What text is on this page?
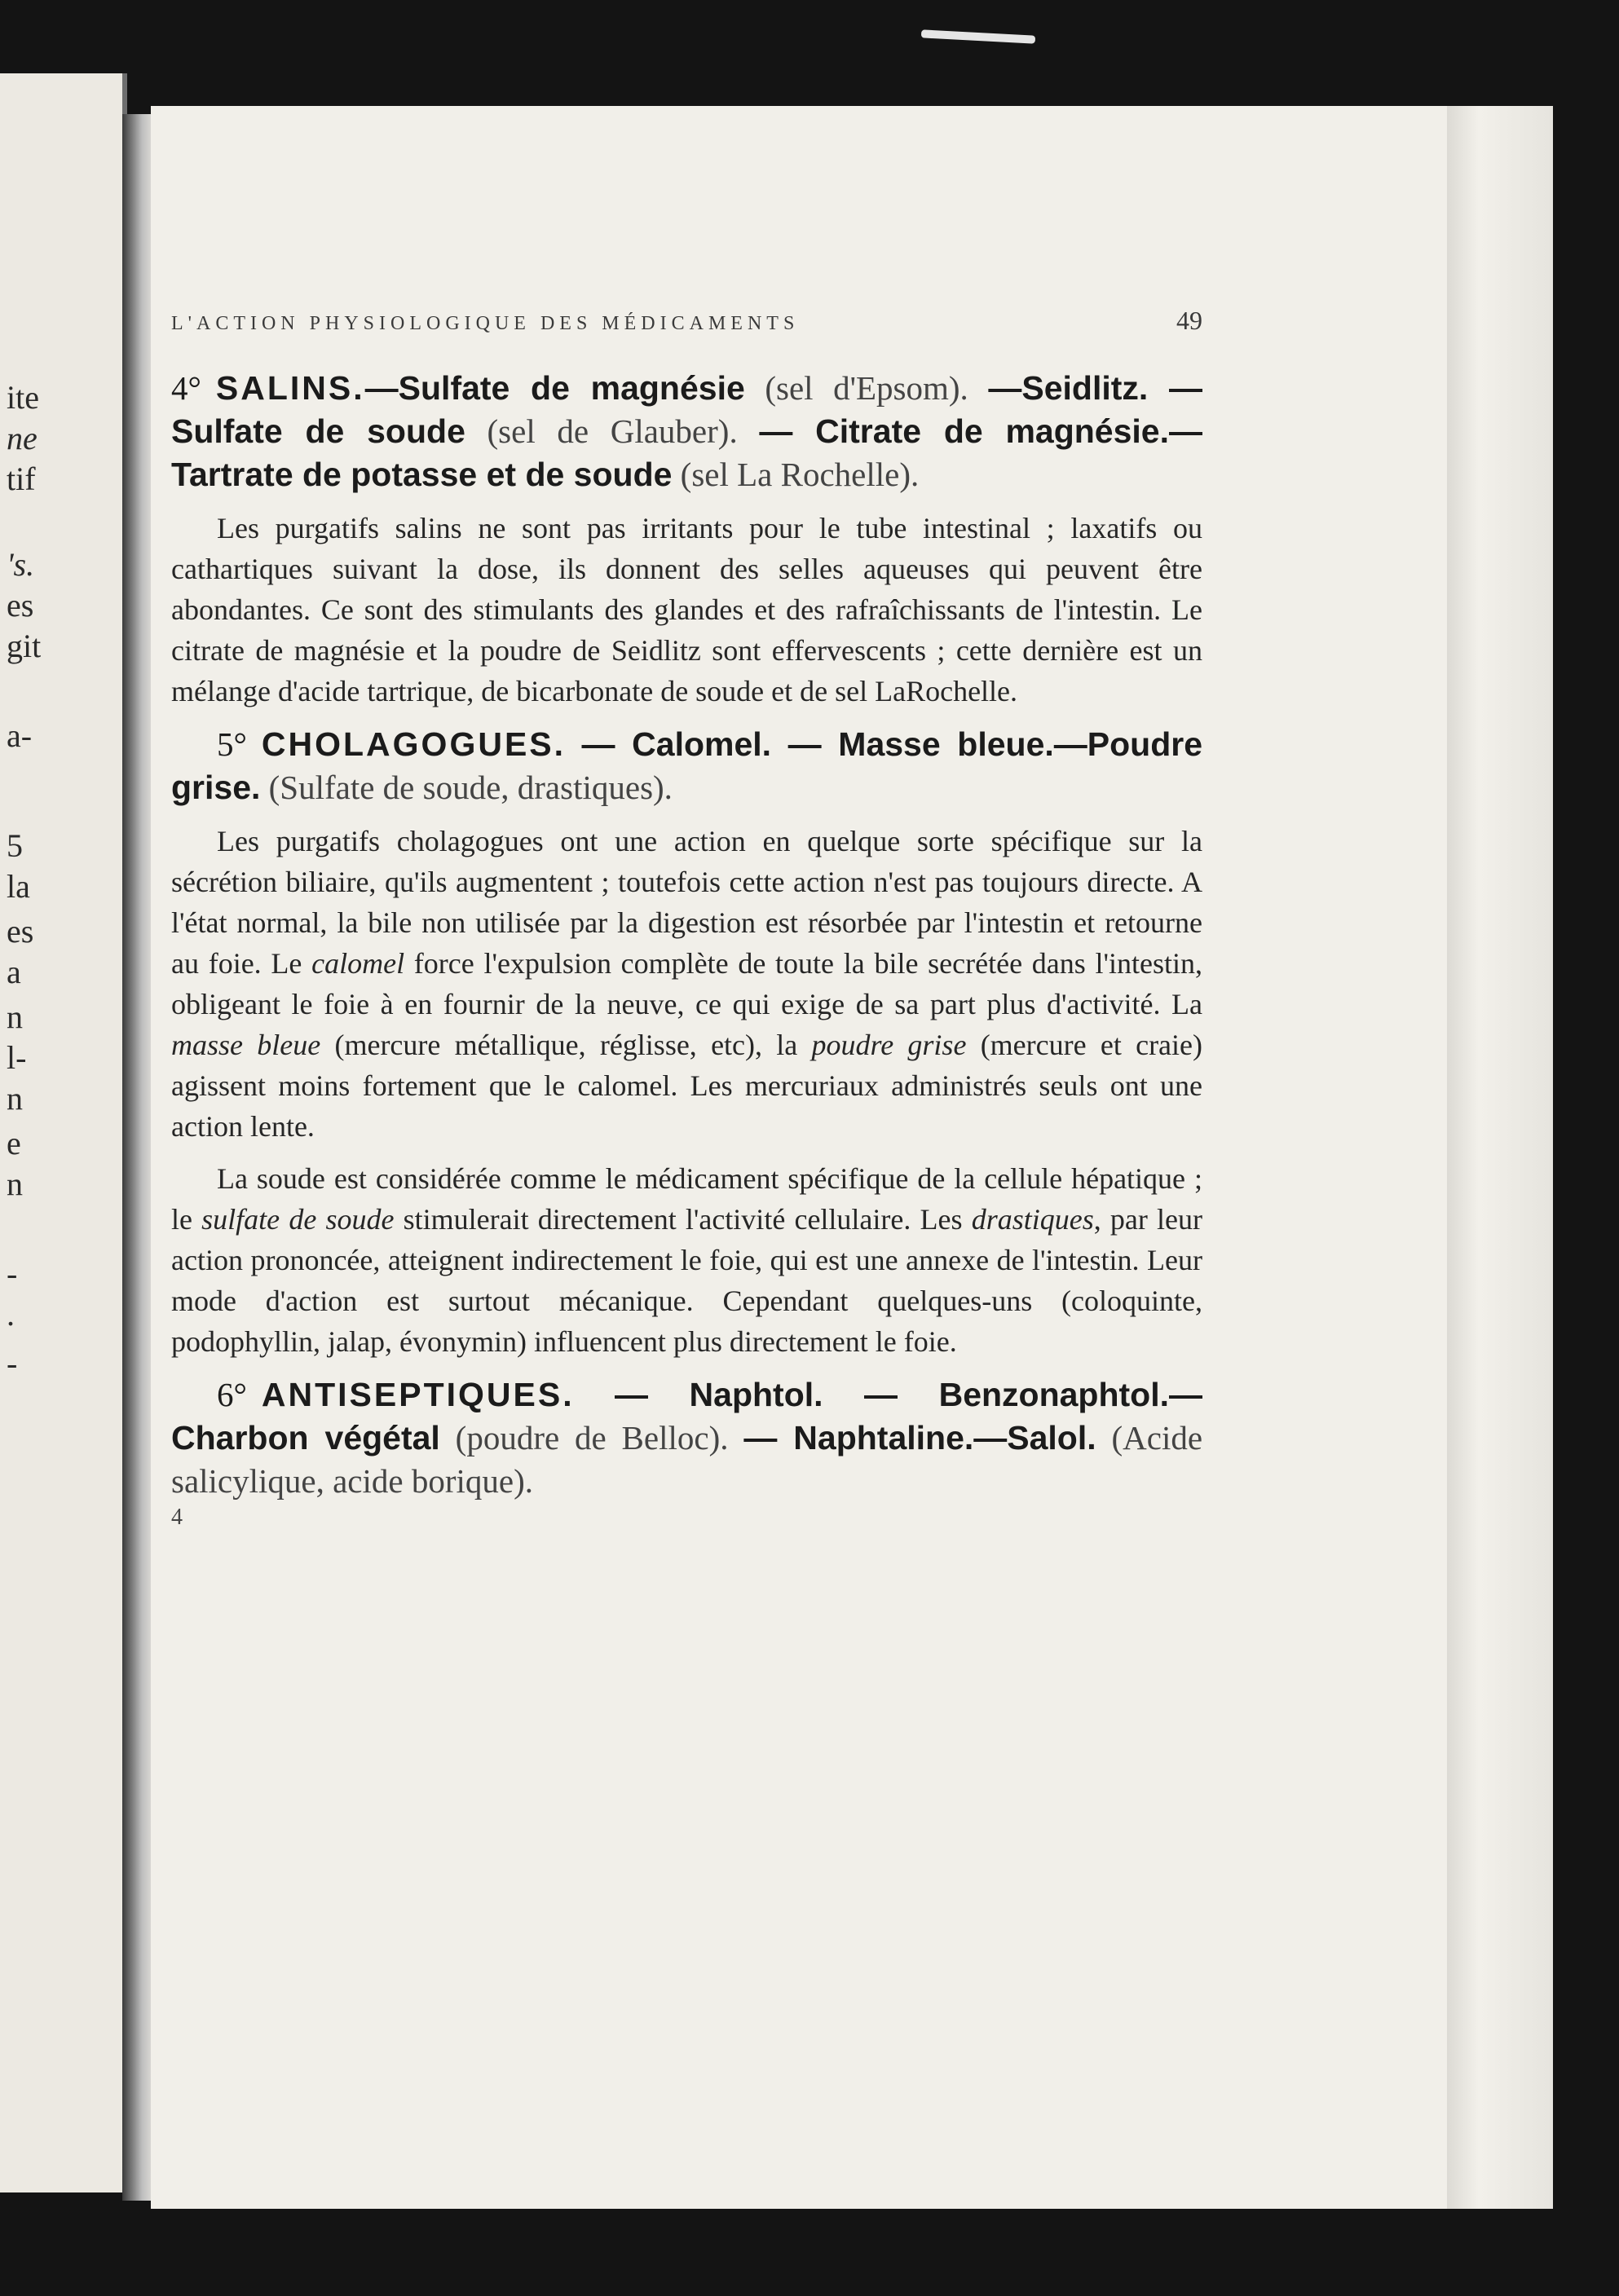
ite
ne
tif
's.
es
git
a-
5
la
es
a
n
l-
n
e
n
-
.
-
L'ACTION PHYSIOLOGIQUE DES MÉDICAMENTS	49

4° SALINS.—Sulfate de magnésie (sel d'Epsom). —Seidlitz. —Sulfate de soude (sel de Glauber). — Citrate de magnésie.—Tartrate de potasse et de soude (sel La Rochelle).

Les purgatifs salins ne sont pas irritants pour le tube intestinal ; laxatifs ou cathartiques suivant la dose, ils donnent des selles aqueuses qui peuvent être abondantes. Ce sont des stimulants des glandes et des rafraîchissants de l'intestin. Le citrate de magnésie et la poudre de Seidlitz sont effervescents ; cette dernière est un mélange d'acide tartrique, de bicarbonate de soude et de sel LaRochelle.

5° CHOLAGOGUES. — Calomel. — Masse bleue.—Poudre grise. (Sulfate de soude, drastiques).

Les purgatifs cholagogues ont une action en quelque sorte spécifique sur la sécrétion biliaire, qu'ils augmentent ; toutefois cette action n'est pas toujours directe. A l'état normal, la bile non utilisée par la digestion est résorbée par l'intestin et retourne au foie. Le calomel force l'expulsion complète de toute la bile secrétée dans l'intestin, obligeant le foie à en fournir de la neuve, ce qui exige de sa part plus d'activité. La masse bleue (mercure métallique, réglisse, etc), la poudre grise (mercure et craie) agissent moins fortement que le calomel. Les mercuriaux administrés seuls ont une action lente.

La soude est considérée comme le médicament spécifique de la cellule hépatique ; le sulfate de soude stimulerait directement l'activité cellulaire. Les drastiques, par leur action prononcée, atteignent indirectement le foie, qui est une annexe de l'intestin. Leur mode d'action est surtout mécanique. Cependant quelques-uns (coloquinte, podophyllin, jalap, évonymin) influencent plus directement le foie.

6° ANTISEPTIQUES. — Naphtol. — Benzonaphtol.—Charbon végétal (poudre de Belloc). — Naphtaline.—Salol. (Acide salicylique, acide borique).

4
